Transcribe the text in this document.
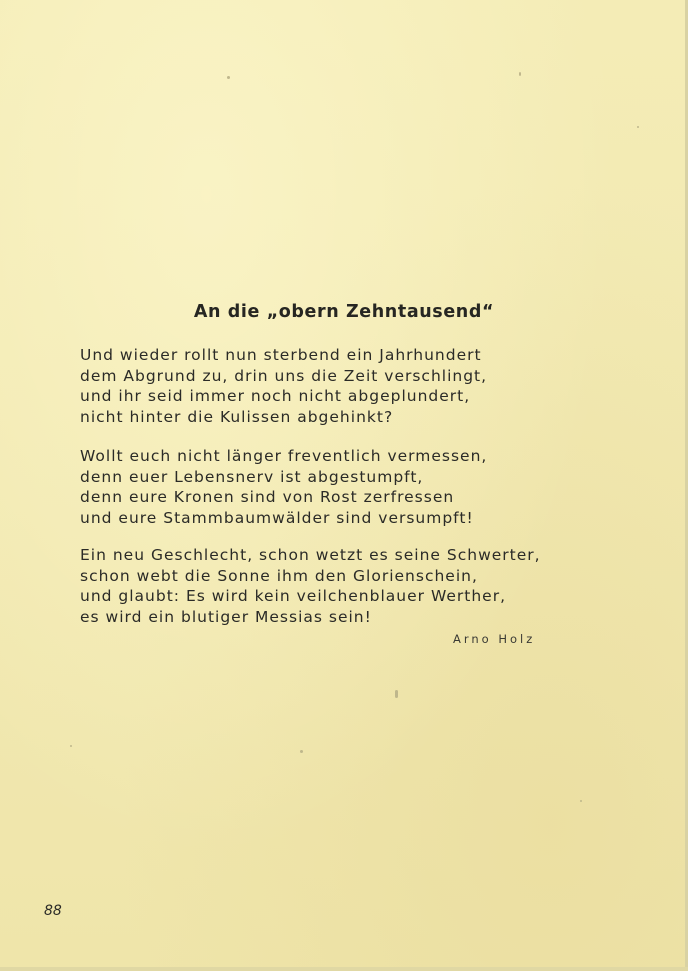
An die „obern Zehntausend“

Und wieder rollt nun sterbend ein Jahrhundert
dem Abgrund zu, drin uns die Zeit verschlingt,
und ihr seid immer noch nicht abgeplundert,
nicht hinter die Kulissen abgehinkt?

Wollt euch nicht länger freventlich vermessen,
denn euer Lebensnerv ist abgestumpft,
denn eure Kronen sind von Rost zerfressen
und eure Stammbaumwälder sind versumpft!

Ein neu Geschlecht, schon wetzt es seine Schwerter,
schon webt die Sonne ihm den Glorienschein,
und glaubt: Es wird kein veilchenblauer Werther,
es wird ein blutiger Messias sein!

Arno Holz
88
